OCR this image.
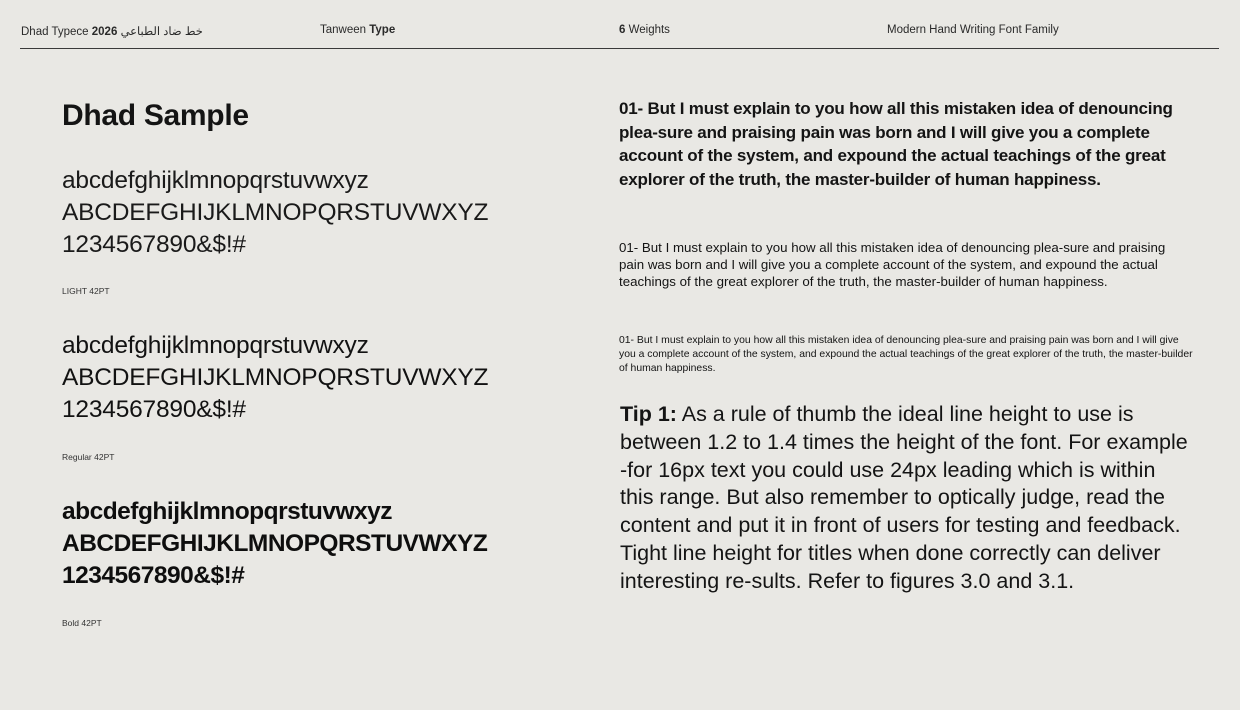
Dhad Typece 2026 خط ضاد الطباعي	Tanween Type	6 Weights	Modern Hand Writing Font Family
Dhad Sample
abcdefghijklmnopqrstuvwxyz
ABCDEFGHIJKLMNOPQRSTUVWXYZ
1234567890&$!#
LIGHT 42PT
abcdefghijklmnopqrstuvwxyz
ABCDEFGHIJKLMNOPQRSTUVWXYZ
1234567890&$!#
Regular 42PT
abcdefghijklmnopqrstuvwxyz
ABCDEFGHIJKLMNOPQRSTUVWXYZ
1234567890&$!#
Bold 42PT
01- But I must explain to you how all this mistaken idea of denouncing plea-sure and praising pain was born and I will give you a complete account of the system, and expound the actual teachings of the great explorer of the truth, the master-builder of human happiness.
01- But I must explain to you how all this mistaken idea of denouncing plea-sure and praising pain was born and I will give you a complete account of the system, and expound the actual teachings of the great explorer of the truth, the master-builder of human happiness.
01- But I must explain to you how all this mistaken idea of denouncing plea-sure and praising pain was born and I will give you a complete account of the system, and expound the actual teachings of the great explorer of the truth, the master-builder of human happiness.
Tip 1: As a rule of thumb the ideal line height to use is between 1.2 to 1.4 times the height of the font. For example -for 16px text you could use 24px leading which is within this range. But also remember to optically judge, read the content and put it in front of users for testing and feedback. Tight line height for titles when done correctly can deliver interesting re-sults. Refer to figures 3.0 and 3.1.
